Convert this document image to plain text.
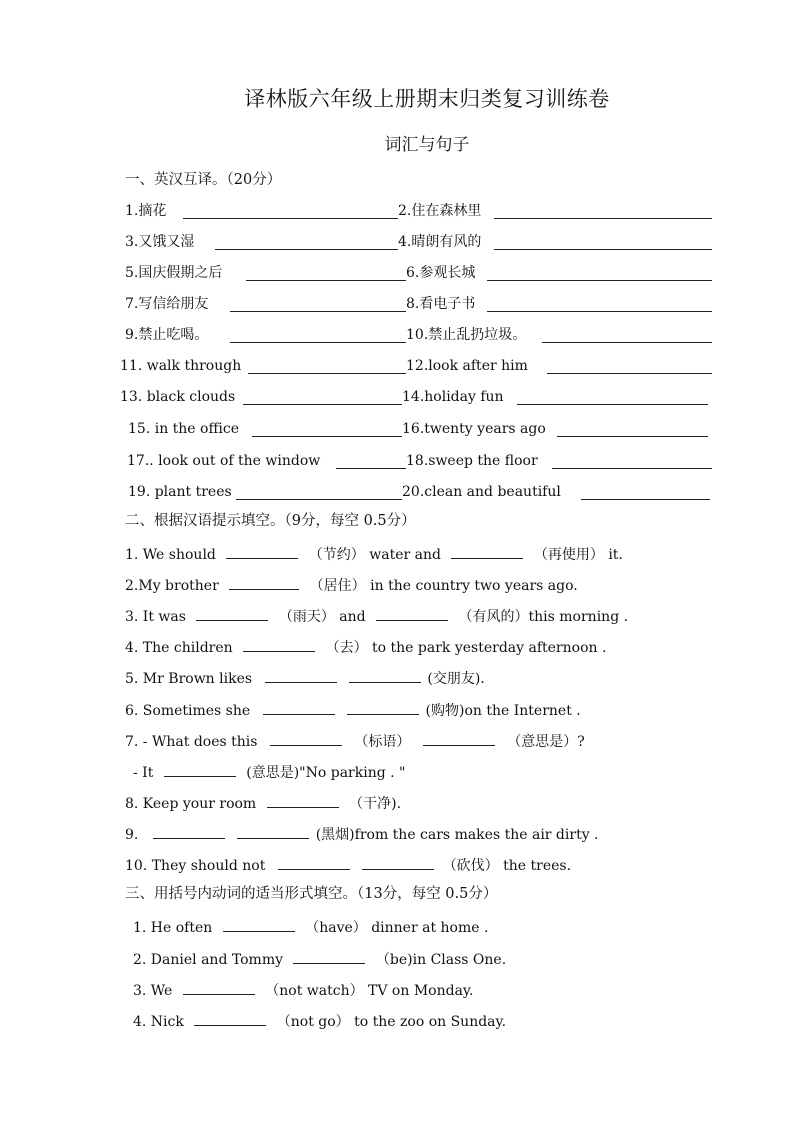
译林版六年级上册期末归类复习训练卷
词汇与句子
一、英汉互译。（20分）
1.摘花	2.住在森林里
3.又饿又湿	4.晴朗有风的
5.国庆假期之后	6.参观长城
7.写信给朋友	8.看电子书
9.禁止吃喝。	10.禁止乱扔垃圾。
11. walk through	12.look after him
13. black clouds	14.holiday fun
15. in the office	16.twenty years ago
17.. look out of the window	18.sweep the floor
19. plant trees	20.clean and beautiful
二、根据汉语提示填空。（9分，每空 0.5分）
1. We should	（节约） water and	（再使用） it.
2.My brother	（居住） in the country two years ago.
3. It was	（雨天） and	（有风的）this morning .
4. The children	（去） to the park yesterday afternoon .
5. Mr Brown likes	(交朋友).
6. Sometimes she	(购物)on the Internet .
7. - What does this	（标语）	（意思是）?
- It	(意思是)"No parking . "
8. Keep your room	（干净).
9.	(黑烟)from the cars makes the air dirty .
10. They should not	（砍伐） the trees.
三、用括号内动词的适当形式填空。（13分，每空 0.5分）
1. He often	（have） dinner at home .
2. Daniel and Tommy	（be)in Class One.
3. We	（not watch） TV on Monday.
4. Nick	（not go） to the zoo on Sunday.
